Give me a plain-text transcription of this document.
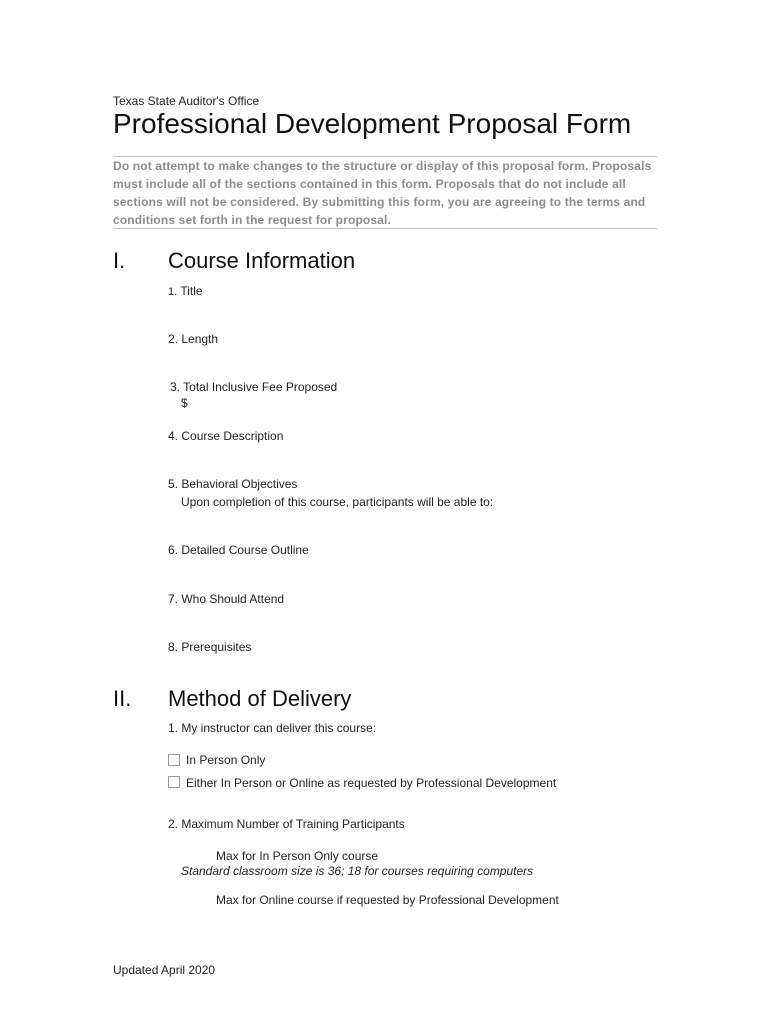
Texas State Auditor's Office
Professional Development Proposal Form
Do not attempt to make changes to the structure or display of this proposal form. Proposals must include all of the sections contained in this form. Proposals that do not include all sections will not be considered. By submitting this form, you are agreeing to the terms and conditions set forth in the request for proposal.
I. Course Information
1. Title
2. Length
3. Total Inclusive Fee Proposed
$
4. Course Description
5. Behavioral Objectives
Upon completion of this course, participants will be able to:
6. Detailed Course Outline
7. Who Should Attend
8. Prerequisites
II. Method of Delivery
1. My instructor can deliver this course:
In Person Only
Either In Person or Online as requested by Professional Development
2. Maximum Number of Training Participants
Max for In Person Only course
Standard classroom size is 36; 18 for courses requiring computers
Max for Online course if requested by Professional Development
Updated April 2020
